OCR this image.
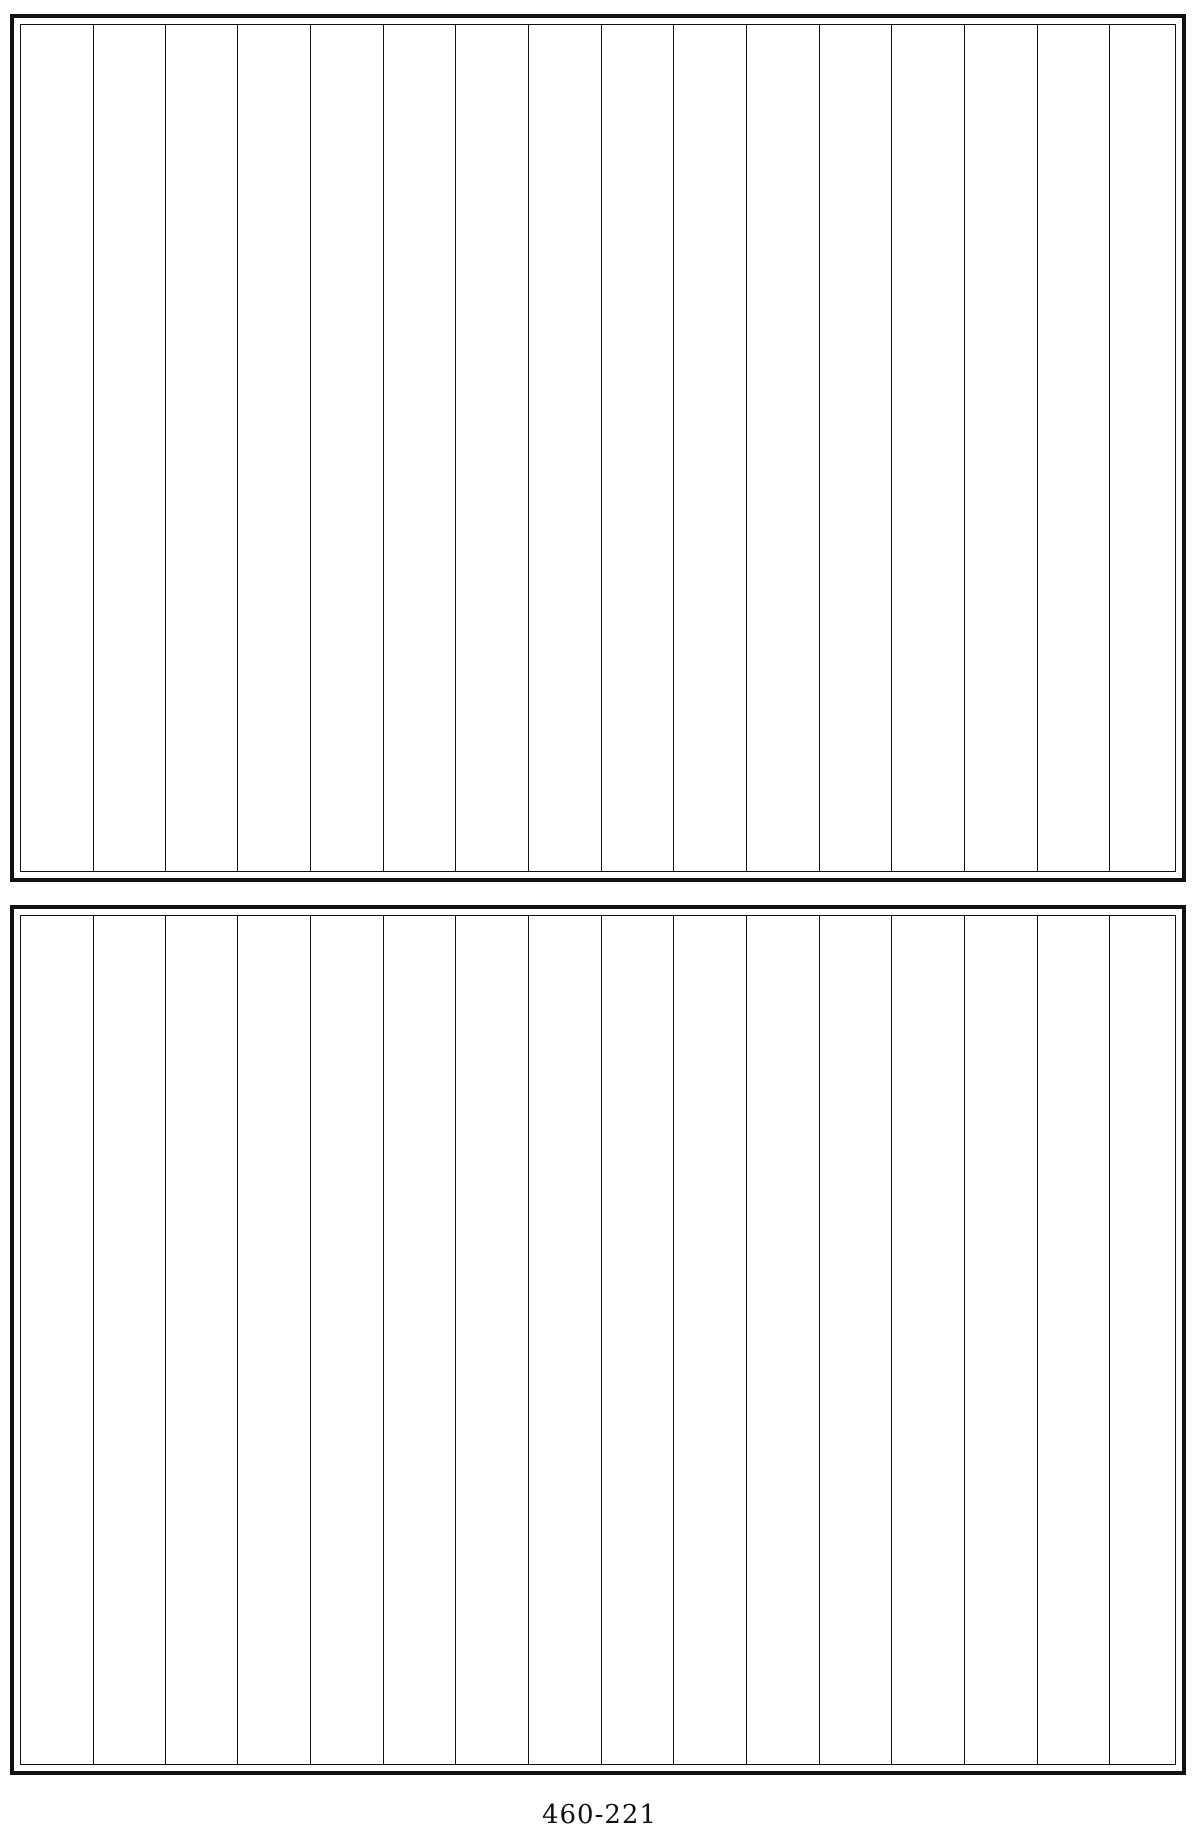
460-221
